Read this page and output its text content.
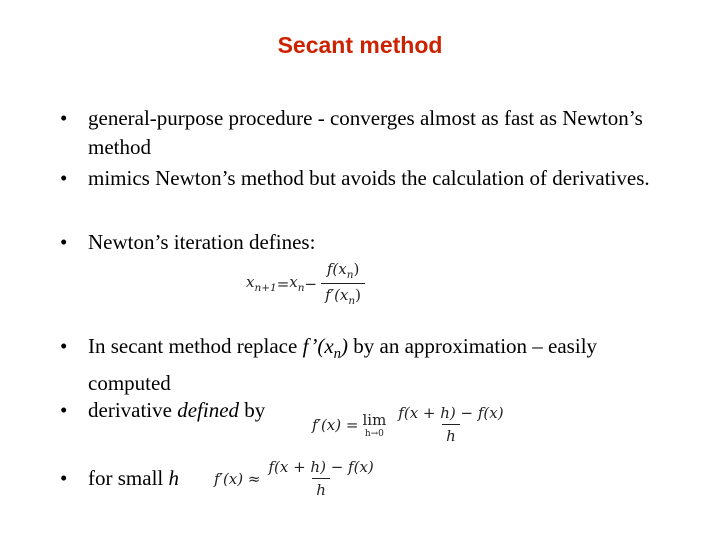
Secant method
• general-purpose procedure - converges almost as fast as Newton’s method
• mimics Newton’s method but avoids the calculation of derivatives.
• Newton’s iteration defines:
$x_{n+1} = x_n - \frac{f(x_n)}{f'(x_n)}$
• In secant method replace $f’(x_n)$ by an approximation – easily computed
• derivative defined by
f′(x) = lim
$h\to 0 \frac{f(x + h) - f(x)}{h}$
• for small h	$f'(x) \approx \frac{f(x + h) - f(x)}{h}$
